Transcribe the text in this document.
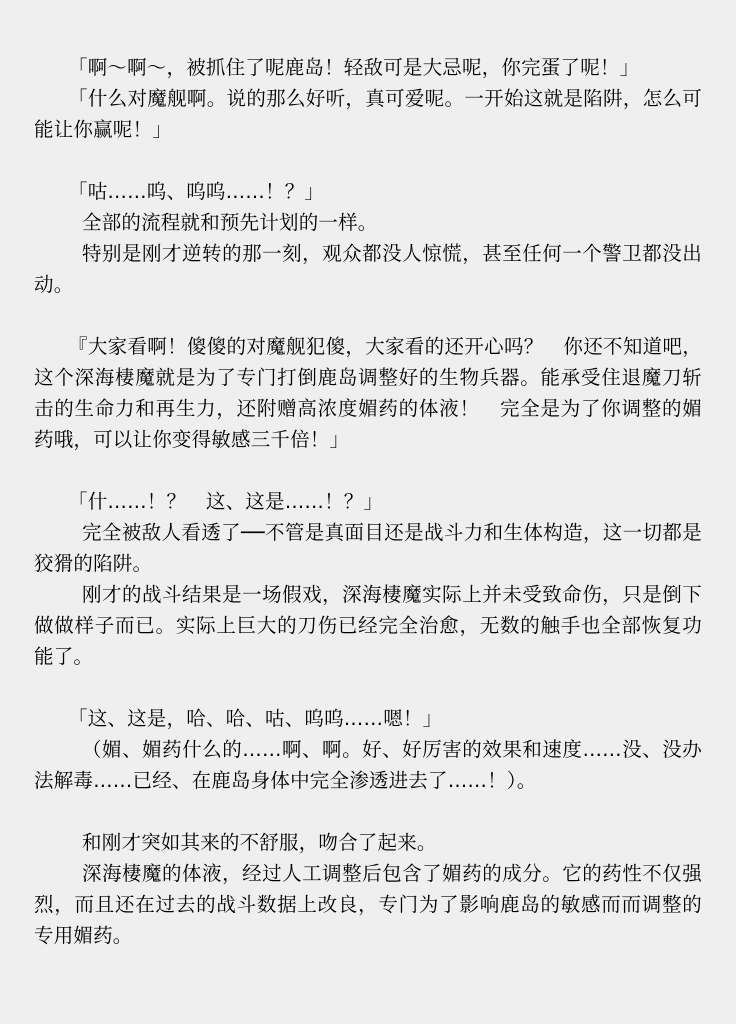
「啊〜啊〜，被抓住了呢鹿岛！轻敌可是大忌呢，你完蛋了呢！」

「什么对魔舰啊。说的那么好听，真可爱呢。一开始这就是陷阱，怎么可能让你赢呢！」

「咕……呜、呜呜……！？」

全部的流程就和预先计划的一样。

特别是刚才逆转的那一刻，观众都没人惊慌，甚至任何一个警卫都没出动。

『大家看啊！傻傻的对魔舰犯傻，大家看的还开心吗？　你还不知道吧，这个深海棲魔就是为了专门打倒鹿岛调整好的生物兵器。能承受住退魔刀斩击的生命力和再生力，还附赠高浓度媚药的体液！　完全是为了你调整的媚药哦，可以让你变得敏感三千倍！」

「什……！？　这、这是……！？」

完全被敌人看透了──不管是真面目还是战斗力和生体构造，这一切都是狡猾的陷阱。

刚才的战斗结果是一场假戏，深海棲魔实际上并未受致命伤，只是倒下做做样子而已。实际上巨大的刀伤已经完全治愈，无数的触手也全部恢复功能了。

「这、这是，哈、哈、咕、呜呜……嗯！」

（媚、媚药什么的……啊、啊。好、好厉害的效果和速度……没、没办法解毒……已经、在鹿岛身体中完全渗透进去了……！）。

和刚才突如其来的不舒服，吻合了起来。

深海棲魔的体液，经过人工调整后包含了媚药的成分。它的药性不仅强烈，而且还在过去的战斗数据上改良，专门为了影响鹿岛的敏感而而调整的专用媚药。
